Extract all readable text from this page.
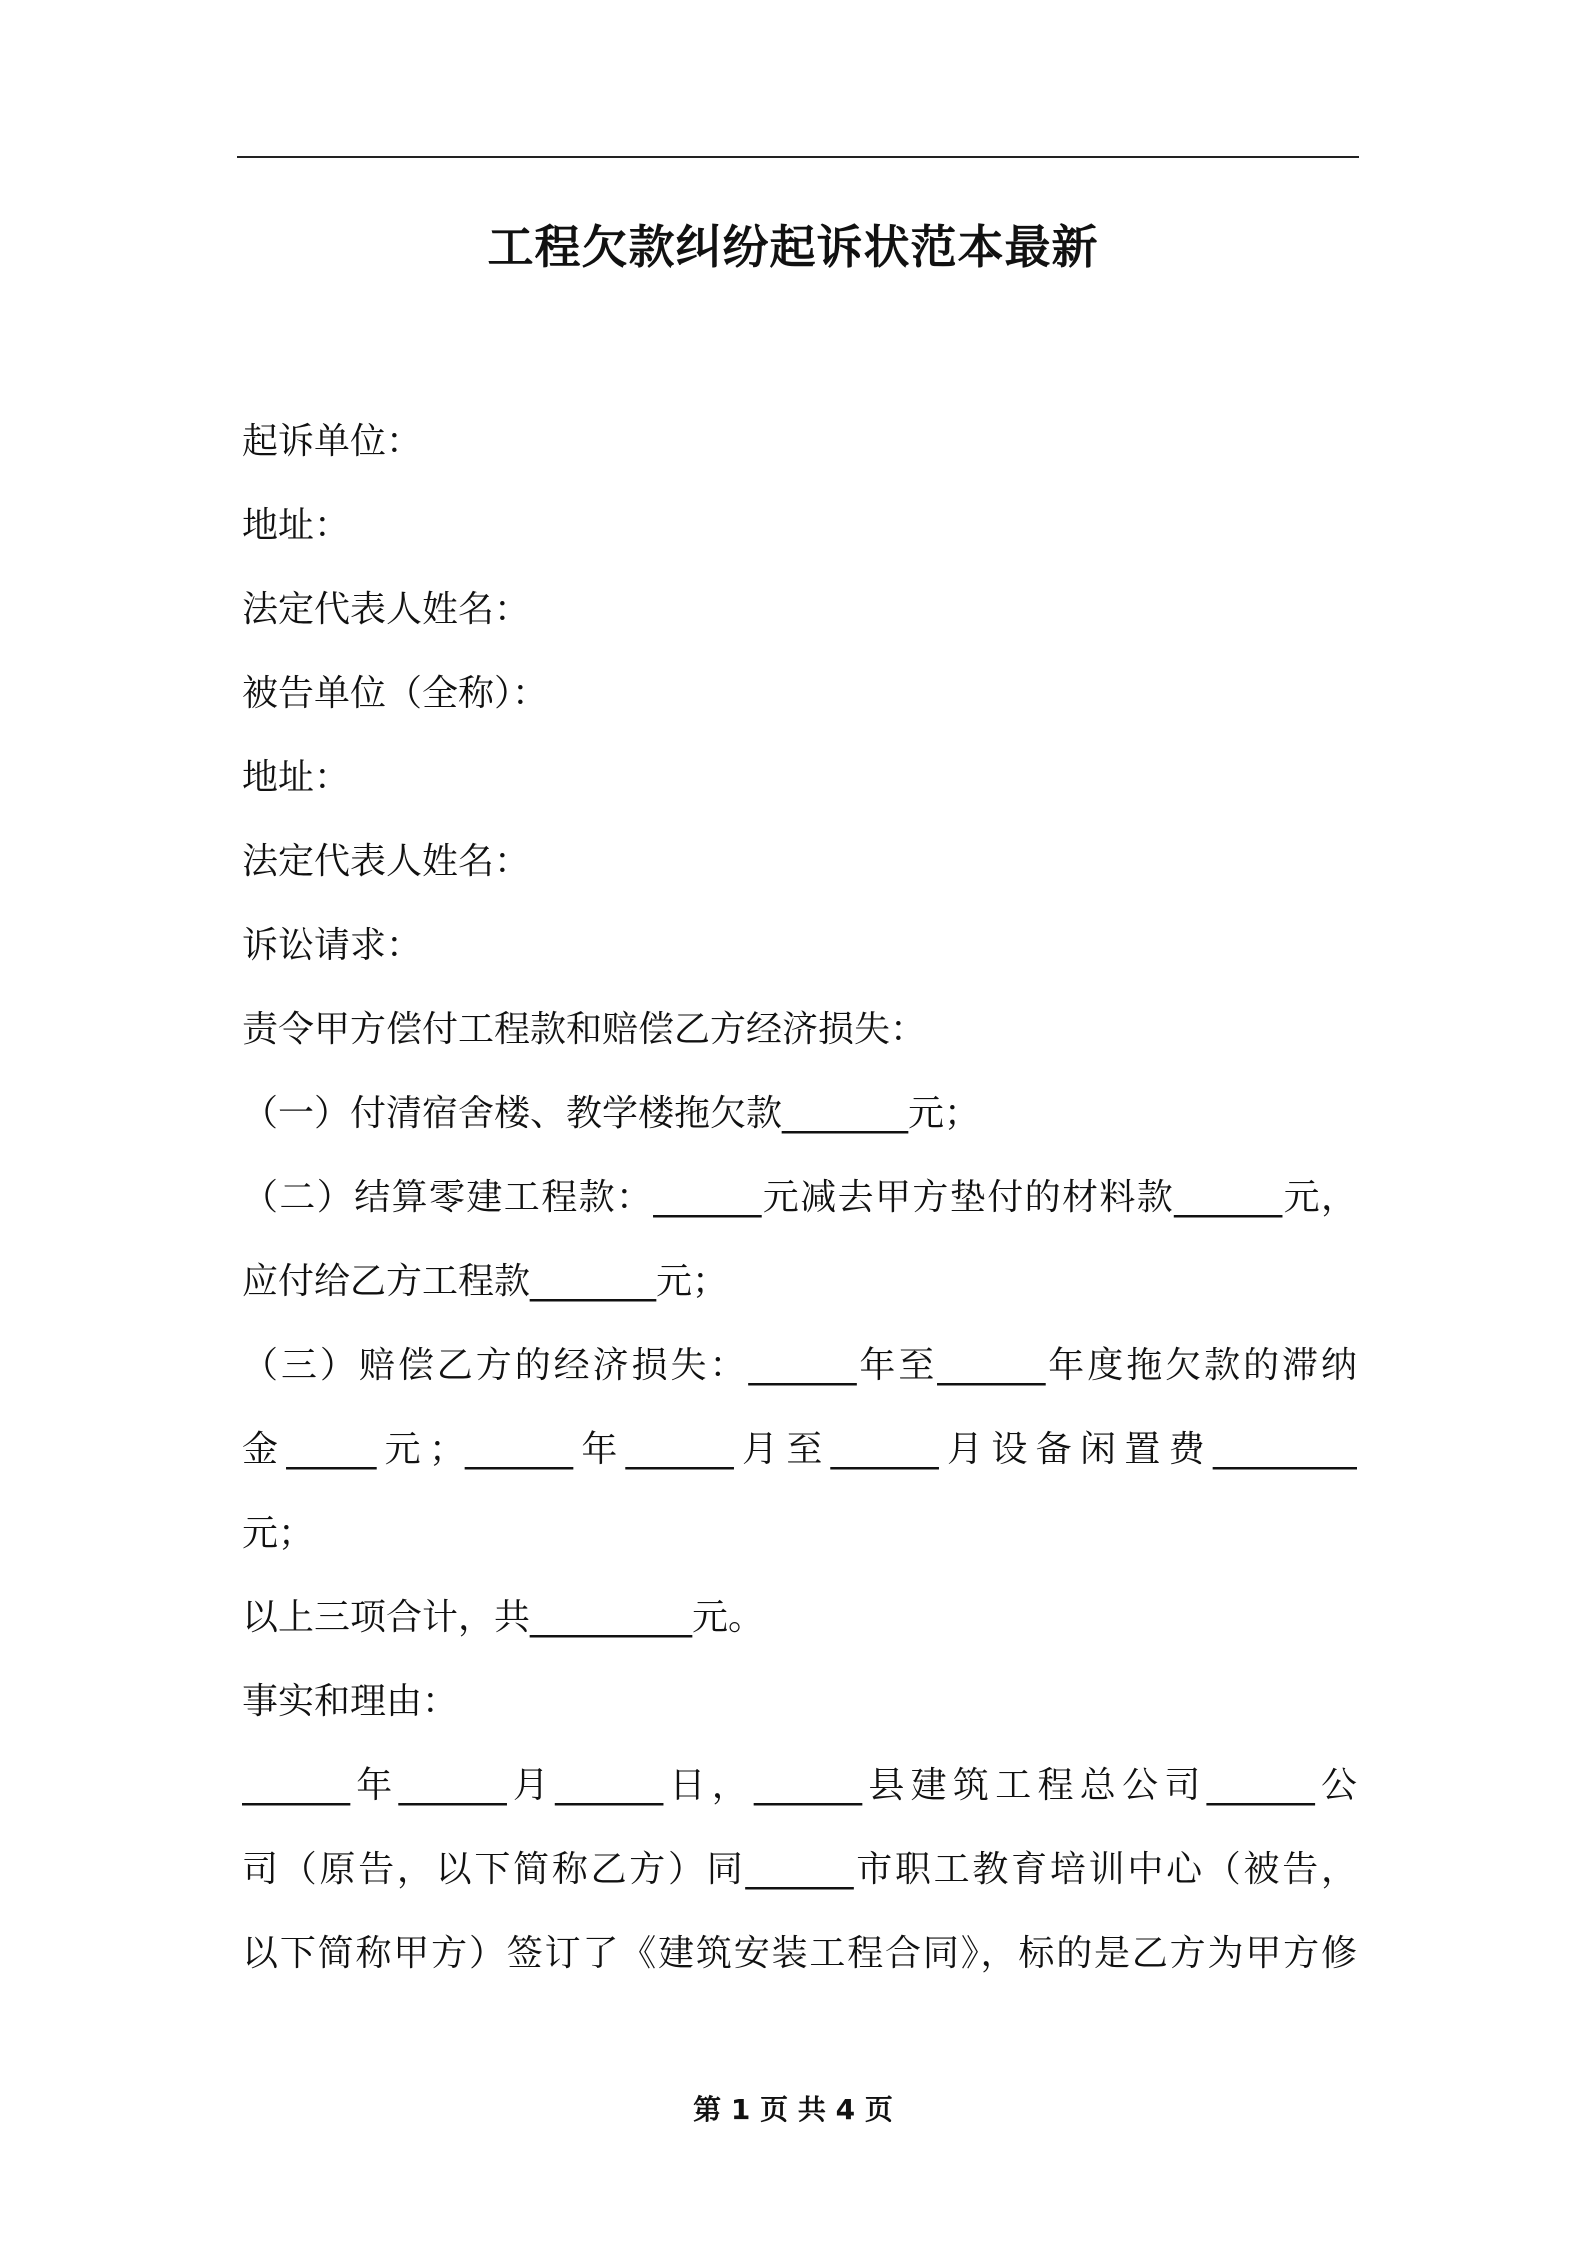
工程欠款纠纷起诉状范本最新
起诉单位：
地址：
法定代表人姓名：
被告单位（全称）：
地址：
法定代表人姓名：
诉讼请求：
责令甲方偿付工程款和赔偿乙方经济损失：
（一）付清宿舍楼、教学楼拖欠款_______元；
（二）结算零建工程款：______元减去甲方垫付的材料款______元，
应付给乙方工程款_______元；
（三）赔偿乙方的经济损失：______年至______年度拖欠款的滞纳
金_____元；______年______月至______月设备闲置费________
元；
以上三项合计，共_________元。
事实和理由：
______年______月______日，______县建筑工程总公司______公
司（原告，以下简称乙方）同______市职工教育培训中心（被告，
以下简称甲方）签订了《建筑安装工程合同》，标的是乙方为甲方修
第 1 页 共 4 页
